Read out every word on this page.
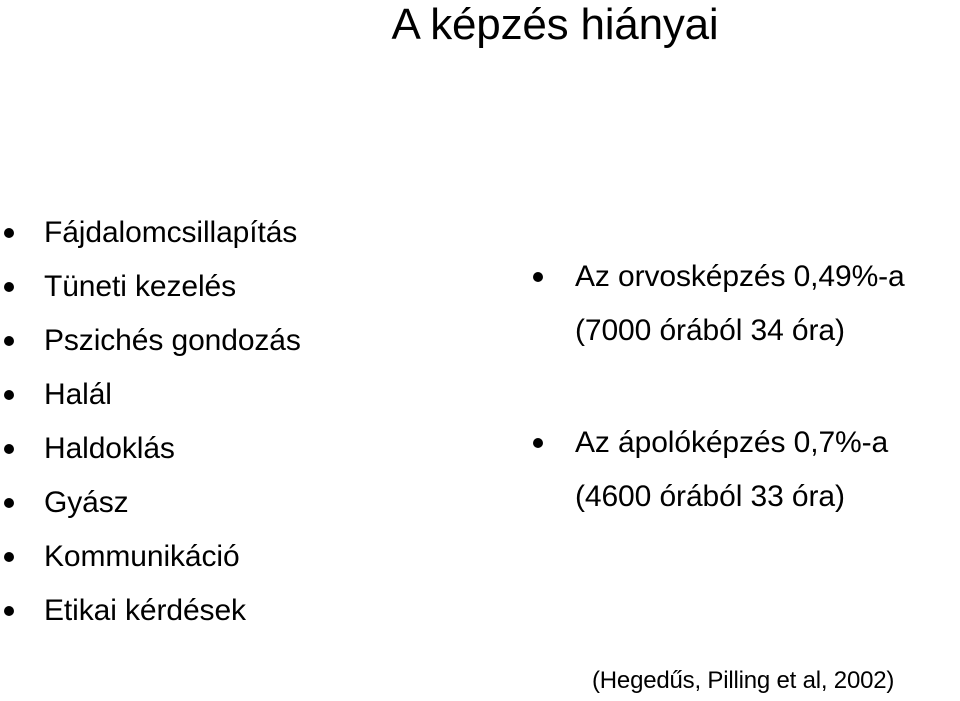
A képzés hiányai
Fájdalomcsillapítás
Tüneti kezelés
Pszichés gondozás
Halál
Haldoklás
Gyász
Kommunikáció
Etikai kérdések
Az orvosképzés 0,49%-a
(7000 órából 34 óra)
Az ápolóképzés 0,7%-a
(4600 órából 33 óra)
(Hegedűs, Pilling et al, 2002)
